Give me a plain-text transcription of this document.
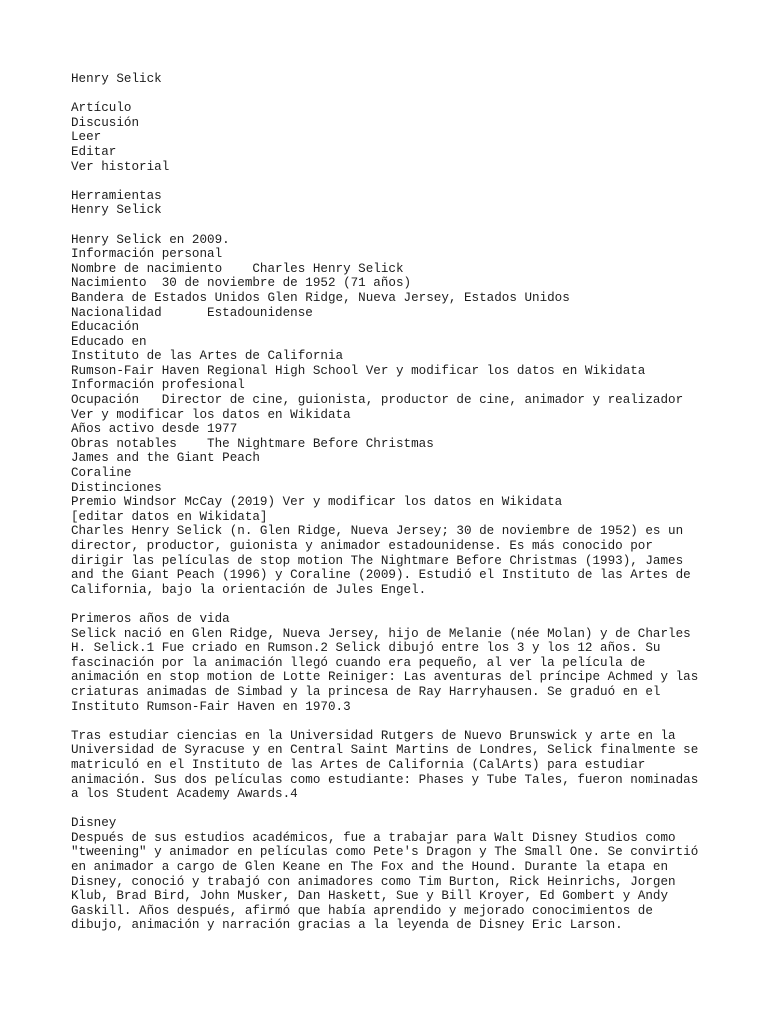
Henry Selick
Artículo
Discusión
Leer
Editar
Ver historial
Herramientas
Henry Selick
Henry Selick en 2009.
Información personal
Nombre de nacimiento    Charles Henry Selick
Nacimiento  30 de noviembre de 1952 (71 años)
Bandera de Estados Unidos Glen Ridge, Nueva Jersey, Estados Unidos
Nacionalidad      Estadounidense
Educación
Educado en
Instituto de las Artes de California
Rumson-Fair Haven Regional High School Ver y modificar los datos en Wikidata
Información profesional
Ocupación   Director de cine, guionista, productor de cine, animador y realizador
Ver y modificar los datos en Wikidata
Años activo desde 1977
Obras notables    The Nightmare Before Christmas
James and the Giant Peach
Coraline
Distinciones
Premio Windsor McCay (2019) Ver y modificar los datos en Wikidata
[editar datos en Wikidata]
Charles Henry Selick (n. Glen Ridge, Nueva Jersey; 30 de noviembre de 1952) es un
director, productor, guionista y animador estadounidense. Es más conocido por
dirigir las películas de stop motion The Nightmare Before Christmas (1993), James
and the Giant Peach (1996) y Coraline (2009). Estudió el Instituto de las Artes de
California, bajo la orientación de Jules Engel.
Primeros años de vida
Selick nació en Glen Ridge, Nueva Jersey, hijo de Melanie (née Molan) y de Charles
H. Selick.1 Fue criado en Rumson.2 Selick dibujó entre los 3 y los 12 años. Su
fascinación por la animación llegó cuando era pequeño, al ver la película de
animación en stop motion de Lotte Reiniger: Las aventuras del príncipe Achmed y las
criaturas animadas de Simbad y la princesa de Ray Harryhausen. Se graduó en el
Instituto Rumson-Fair Haven en 1970.3
Tras estudiar ciencias en la Universidad Rutgers de Nuevo Brunswick y arte en la
Universidad de Syracuse y en Central Saint Martins de Londres, Selick finalmente se
matriculó en el Instituto de las Artes de California (CalArts) para estudiar
animación. Sus dos películas como estudiante: Phases y Tube Tales, fueron nominadas
a los Student Academy Awards.4
Disney
Después de sus estudios académicos, fue a trabajar para Walt Disney Studios como
"tweening" y animador en películas como Pete's Dragon y The Small One. Se convirtió
en animador a cargo de Glen Keane en The Fox and the Hound. Durante la etapa en
Disney, conoció y trabajó con animadores como Tim Burton, Rick Heinrichs, Jorgen
Klub, Brad Bird, John Musker, Dan Haskett, Sue y Bill Kroyer, Ed Gombert y Andy
Gaskill. Años después, afirmó que había aprendido y mejorado conocimientos de
dibujo, animación y narración gracias a la leyenda de Disney Eric Larson.
